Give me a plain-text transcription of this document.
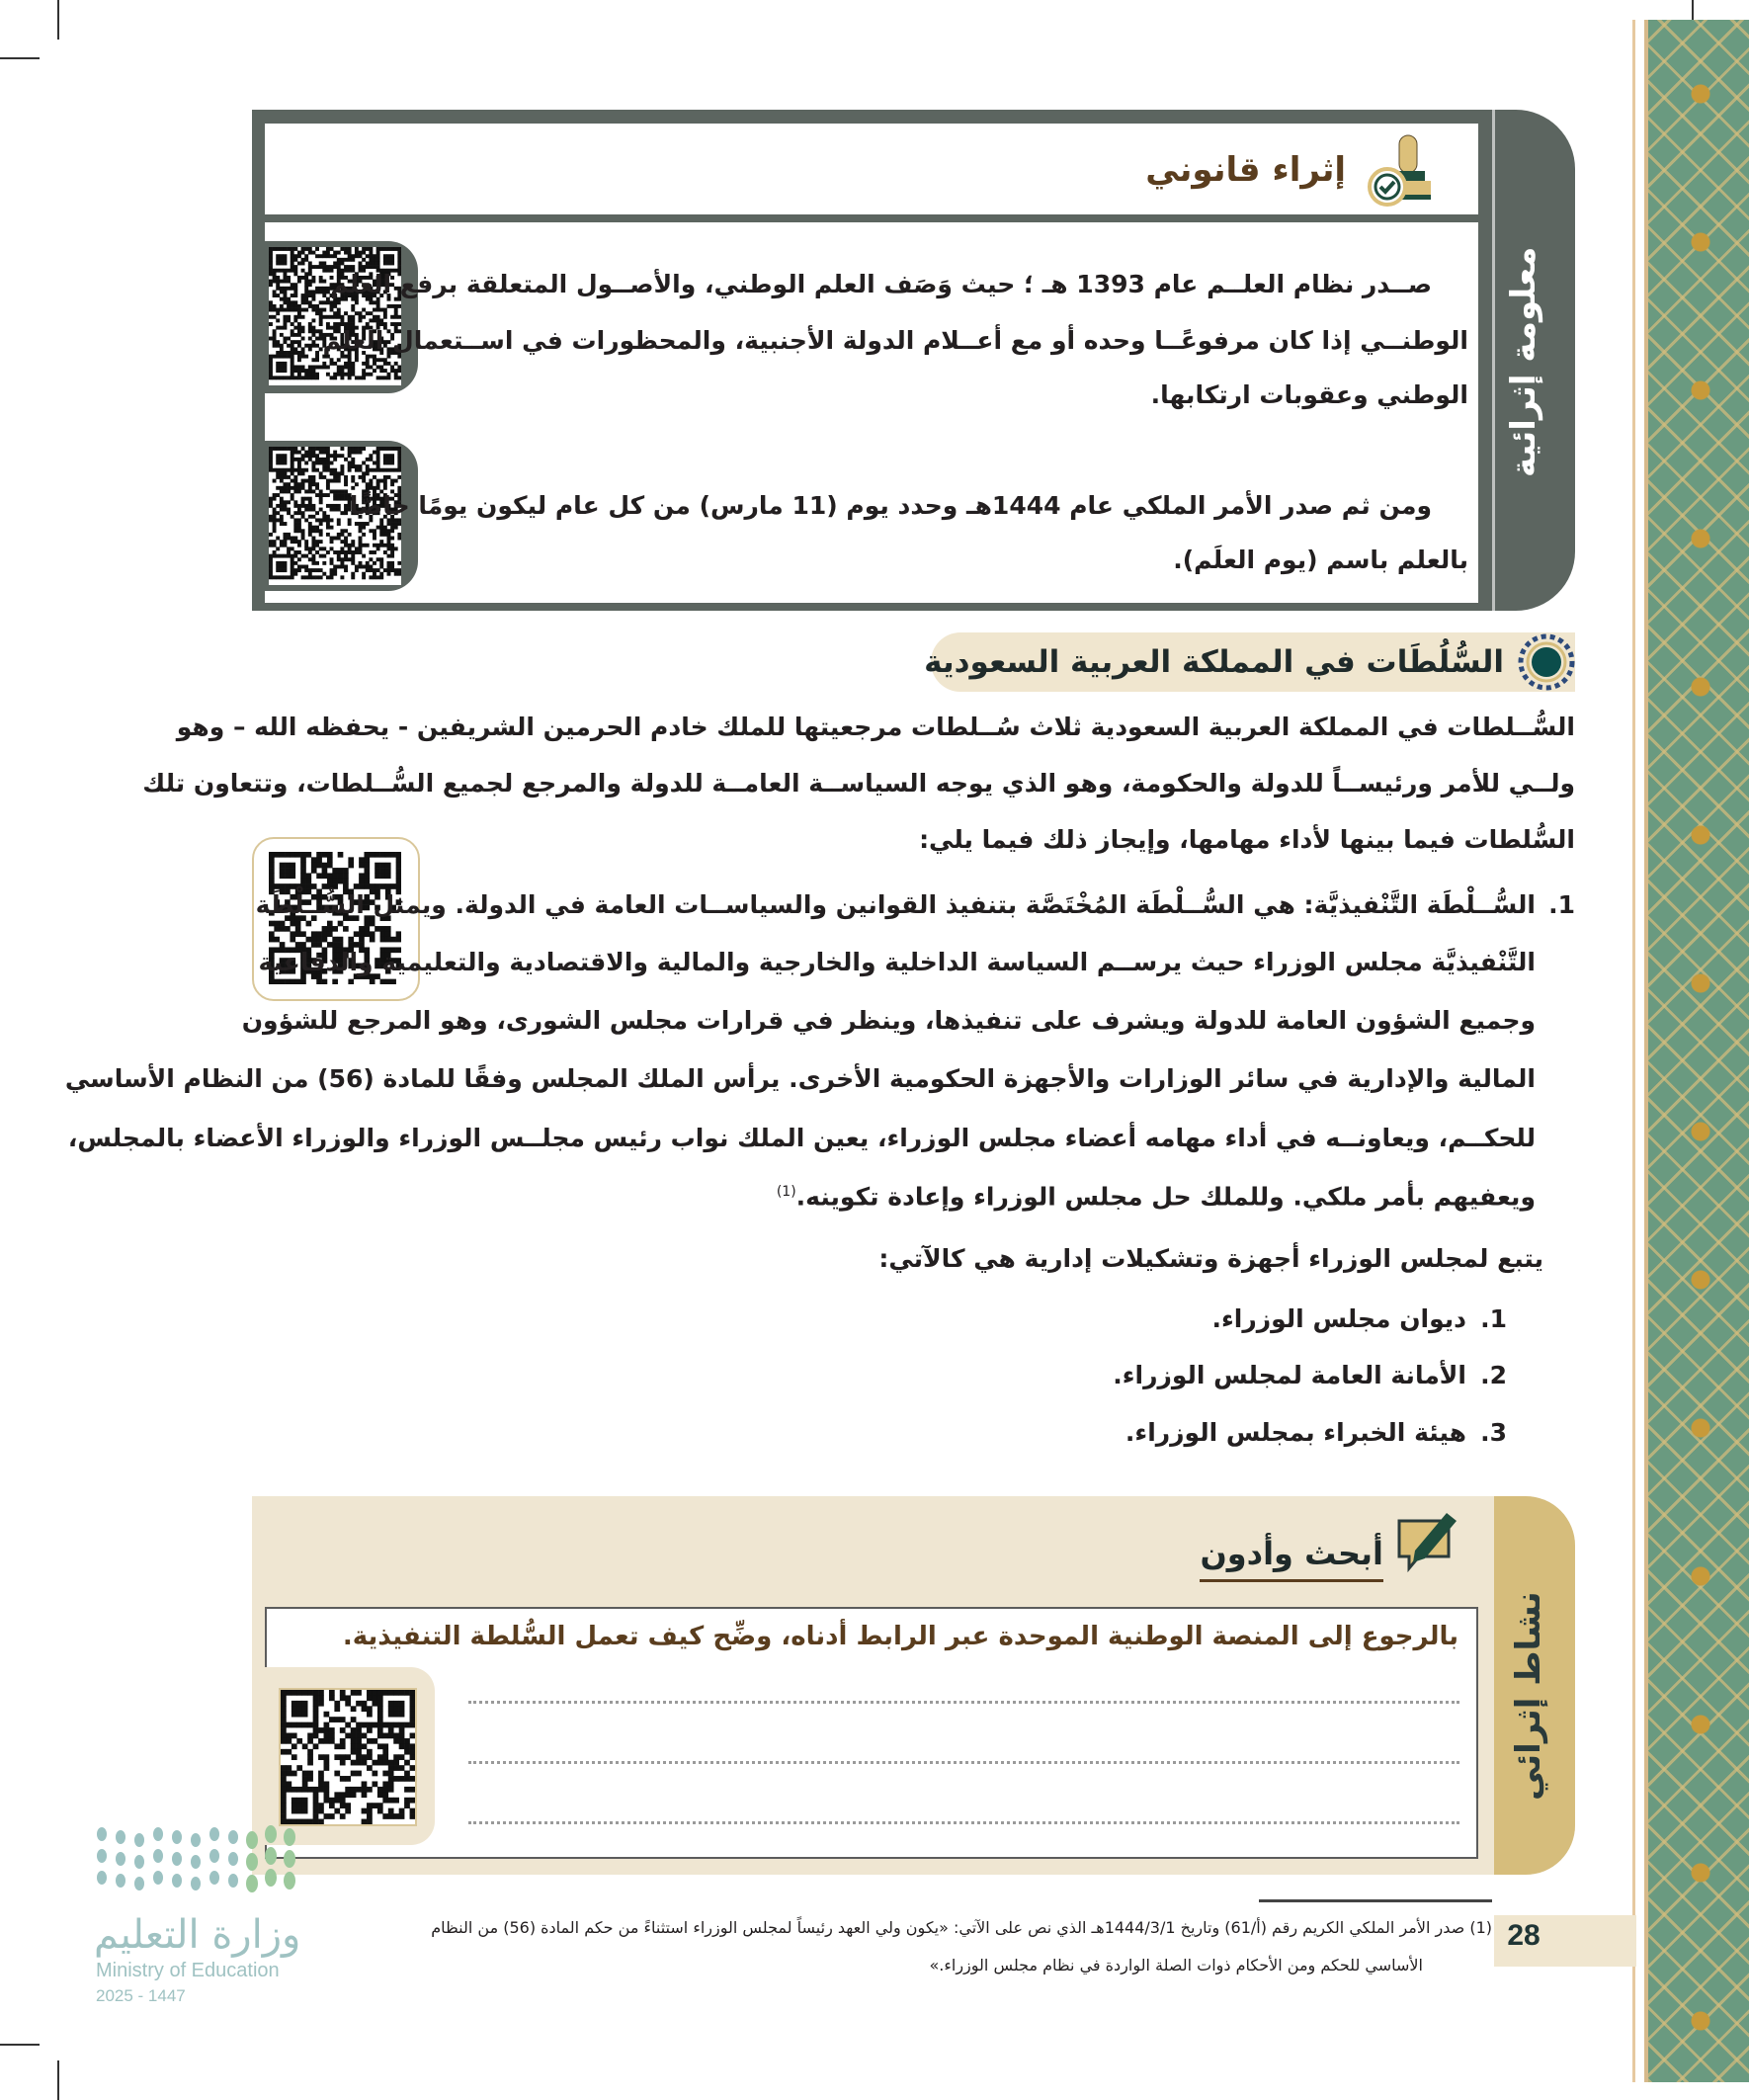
معلومة إثرائية
إثراء قانوني
صــدر نظام العلــم عام 1393 هـ ؛ حيث وَصَف العلم الوطني، والأصــول المتعلقة برفع العلم
الوطنــي إذا كان مرفوعًــا وحده أو مع أعــلام الدولة الأجنبية، والمحظورات في اســتعمال العلم
الوطني وعقوبات ارتكابها.
ومن ثم صدر الأمر الملكي عام 1444هـ وحدد يوم (11 مارس) من كل عام ليكون يومًا خاصًّا
بالعلم باسم (يوم العلَم).
السُّلُطَات في المملكة العربية السعودية
السُّــلطات في المملكة العربية السعودية ثلاث سُــلطات مرجعيتها للملك خادم الحرمين الشريفين - يحفظه الله – وهو
ولــي للأمر ورئيســاً للدولة والحكومة، وهو الذي يوجه السياســة العامــة للدولة والمرجع لجميع السُّــلطات، وتتعاون تلك
السُّلطات فيما بينها لأداء مهامها، وإيجاز ذلك فيما يلي:
1.
السُّــلْطَة التَّنْفيذيَّة: هي السُّــلْطَة المُخْتَصَّة بتنفيذ القوانين والسياســات العامة في الدولة. ويمثل السُّــلْطَة
التَّنْفيذيَّة مجلس الوزراء حيث يرســم السياسة الداخلية والخارجية والمالية والاقتصادية والتعليمية والدفاعية
وجميع الشؤون العامة للدولة ويشرف على تنفيذها، وينظر في قرارات مجلس الشورى، وهو المرجع للشؤون
المالية والإدارية في سائر الوزارات والأجهزة الحكومية الأخرى. يرأس الملك المجلس وفقًا للمادة (56) من النظام الأساسي
للحكــم، ويعاونــه في أداء مهامه أعضاء مجلس الوزراء، يعين الملك نواب رئيس مجلــس الوزراء والوزراء الأعضاء بالمجلس،
ويعفيهم بأمر ملكي. وللملك حل مجلس الوزراء وإعادة تكوينه.$^{(1)}$
يتبع لمجلس الوزراء أجهزة وتشكيلات إدارية هي كالآتي:
1.
ديوان مجلس الوزراء.
2.
الأمانة العامة لمجلس الوزراء.
3.
هيئة الخبراء بمجلس الوزراء.
نشاط إثرائي
أبحث وأدون
بالرجوع إلى المنصة الوطنية الموحدة عبر الرابط أدناه، وضِّح كيف تعمل السُّلطة التنفيذية.
وزارة التعليم
Ministry of Education
2025 - 1447
(1) صدر الأمر الملكي الكريم رقم (أ/61) وتاريخ 1444/3/1هـ الذي نص على الآتي: «يكون ولي العهد رئيساً لمجلس الوزراء استثناءً من حكم المادة (56) من النظام
الأساسي للحكم ومن الأحكام ذوات الصلة الواردة في نظام مجلس الوزراء.»
28
